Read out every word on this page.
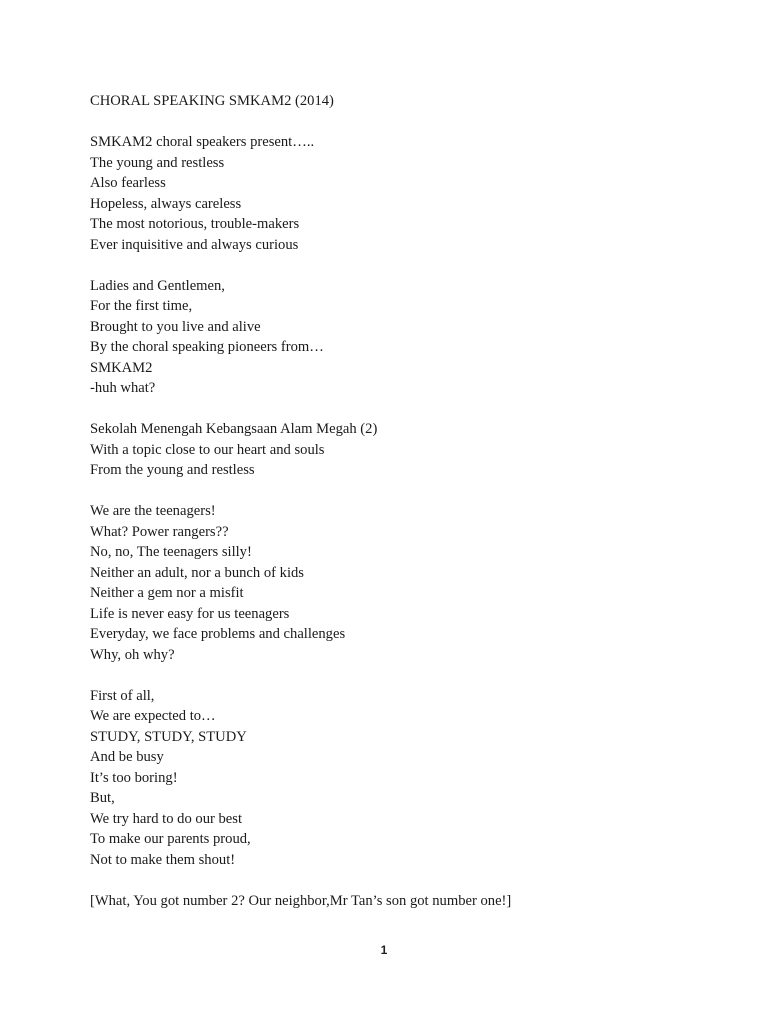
CHORAL SPEAKING SMKAM2 (2014)

SMKAM2 choral speakers present…..

The young and restless

Also fearless

Hopeless, always careless

The most notorious, trouble-makers

Ever inquisitive and always curious

Ladies and Gentlemen,

For the first time,

Brought to you live and alive

By the choral speaking pioneers from…

SMKAM2

-huh what?

Sekolah Menengah Kebangsaan Alam Megah (2)

With a topic close to our heart and souls

From the young and restless

We are the teenagers!

What? Power rangers??

No, no, The teenagers silly!

Neither an adult, nor a bunch of kids

Neither a gem nor a misfit

Life is never easy for us teenagers

Everyday, we face problems and challenges

Why, oh why?

First of all,

We are expected to…

STUDY, STUDY, STUDY

And be busy

It’s too boring!

But,

We try hard to do our best

To make our parents proud,

Not to make them shout!

[What, You got number 2? Our neighbor,Mr Tan’s son got number one!]

1
